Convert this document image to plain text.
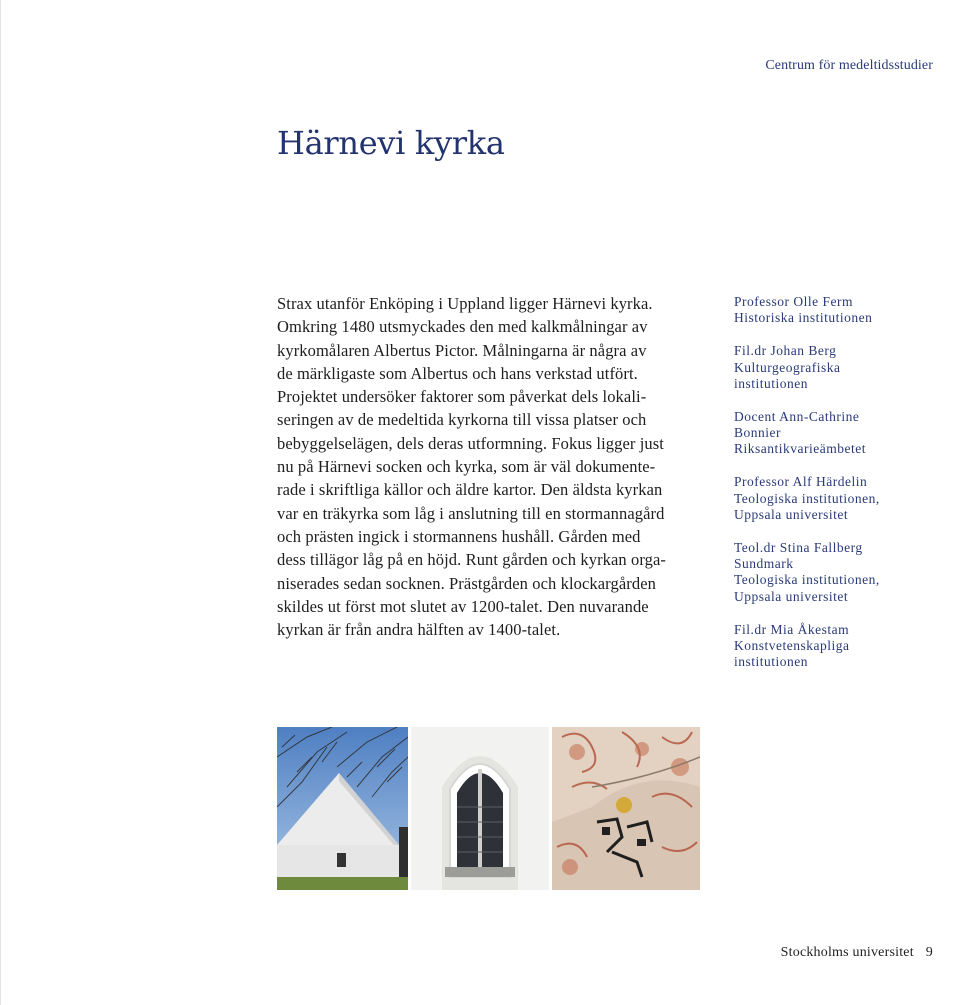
Centrum för medeltidsstudier
Härnevi kyrka

Strax utanför Enköping i Uppland ligger Härnevi kyrka.
Omkring 1480 utsmyckades den med kalkmålningar av
kyrkomålaren Albertus Pictor. Målningarna är några av
de märkligaste som Albertus och hans verkstad utfört.
Projektet undersöker faktorer som påverkat dels lokali-
seringen av de medeltida kyrkorna till vissa platser och
bebyggelselägen, dels deras utformning. Fokus ligger just
nu på Härnevi socken och kyrka, som är väl dokumente-
rade i skriftliga källor och äldre kartor. Den äldsta kyrkan
var en träkyrka som låg i anslutning till en stormannagård
och prästen ingick i stormannens hushåll. Gården med
dess tillägor låg på en höjd. Runt gården och kyrkan orga-
niserades sedan socknen. Prästgården och klockargården
skildes ut först mot slutet av 1200-talet. Den nuvarande
kyrkan är från andra hälften av 1400-talet.

Professor Olle Ferm
Historiska institutionen
Fil.dr Johan Berg
Kulturgeografiska
institutionen
Docent Ann-Cathrine
Bonnier
Riksantikvarieämbetet
Professor Alf Härdelin
Teologiska institutionen,
Uppsala universitet
Teol.dr Stina Fallberg
Sundmark
Teologiska institutionen,
Uppsala universitet
Fil.dr Mia Åkestam
Konstvetenskapliga
institutionen
Stockholms universitet 9
